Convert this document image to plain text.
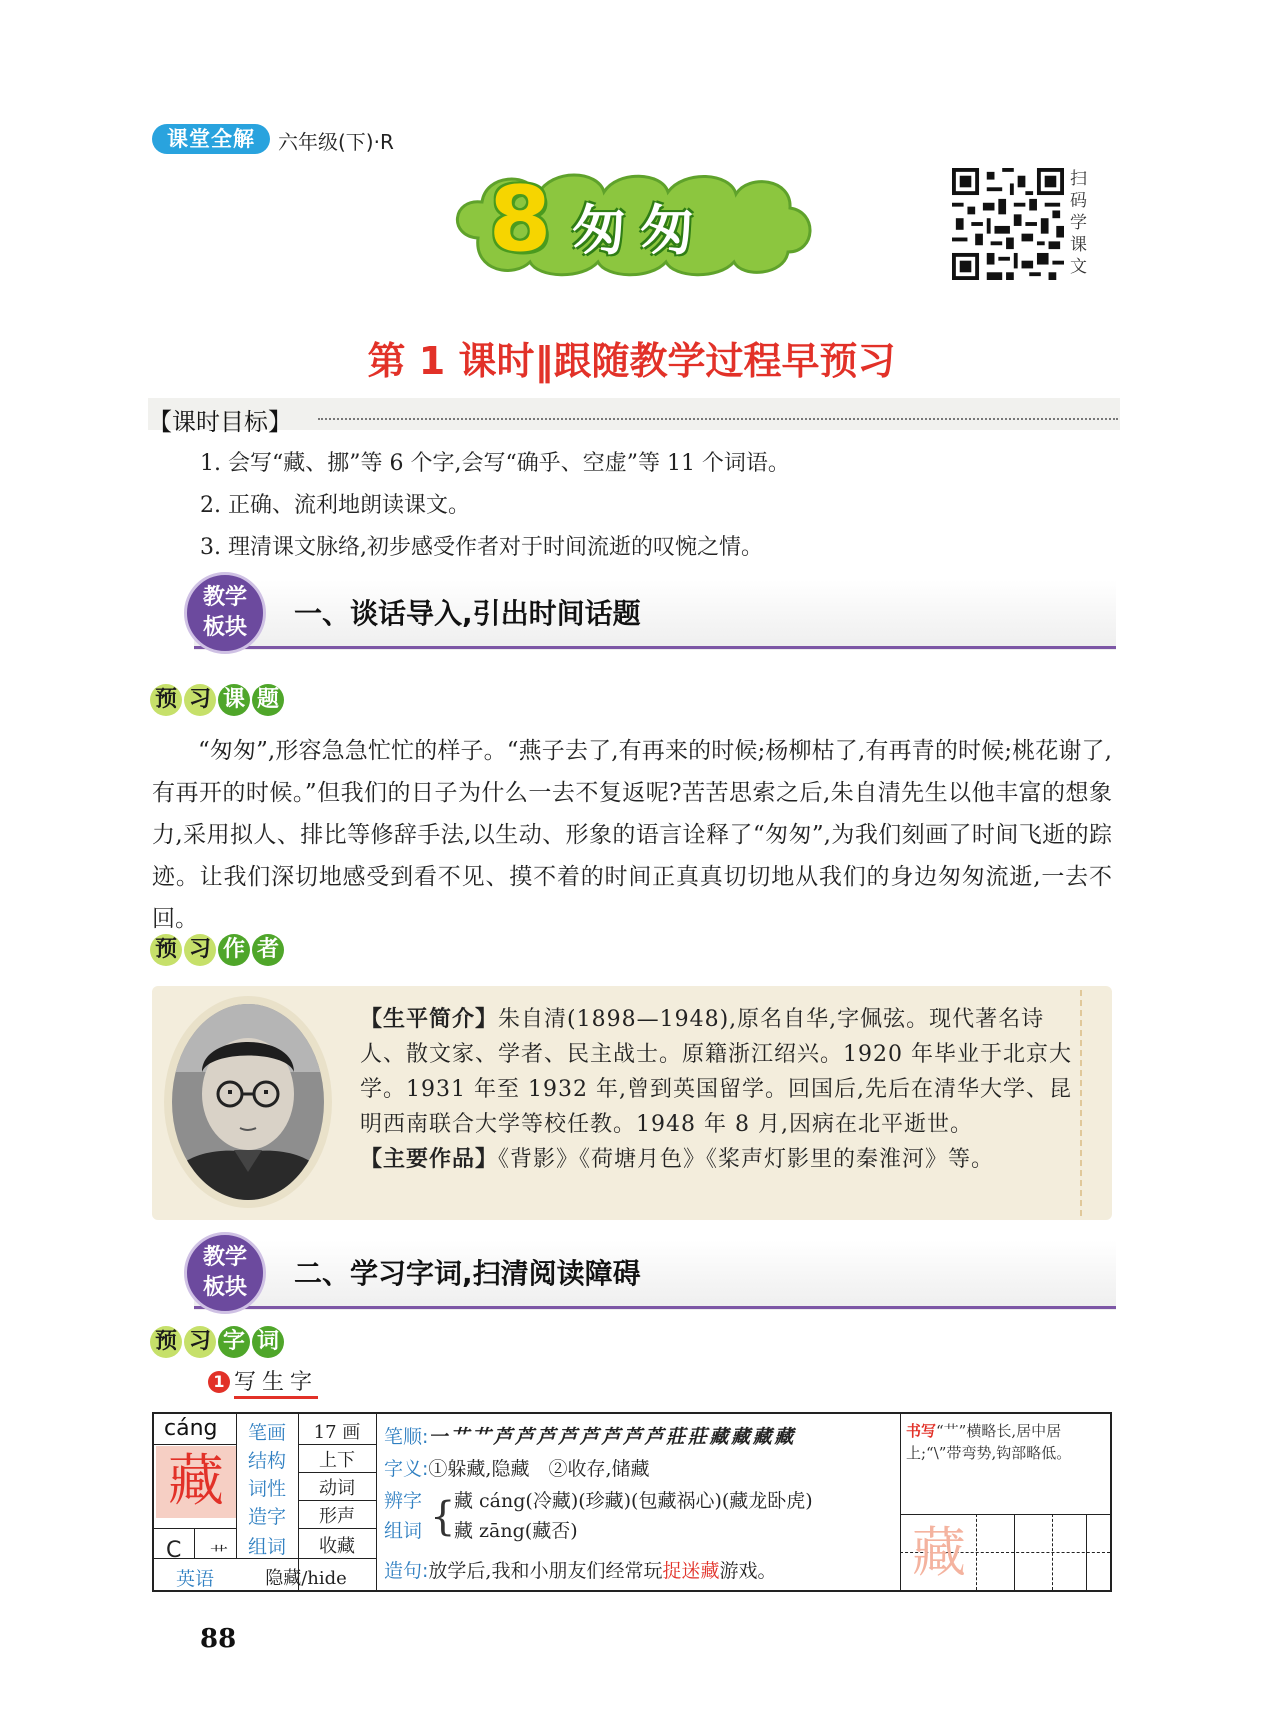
课堂全解	六年级(下)·R
8 匆匆
扫码学课文
第 1 课时‖跟随教学过程早预习
【课时目标】
1. 会写“藏、挪”等 6 个字,会写“确乎、空虚”等 11 个词语。
2. 正确、流利地朗读课文。
3. 理清课文脉络,初步感受作者对于时间流逝的叹惋之情。
教学
板块	一、谈话导入,引出时间话题
预 习 课 题
“匆匆”,形容急急忙忙的样子。“燕子去了,有再来的时候;杨柳枯了,有再青的时候;桃花谢了,有再开的时候。”但我们的日子为什么一去不复返呢?苦苦思索之后,朱自清先生以他丰富的想象力,采用拟人、排比等修辞手法,以生动、形象的语言诠释了“匆匆”,为我们刻画了时间飞逝的踪迹。让我们深切地感受到看不见、摸不着的时间正真真切切地从我们的身边匆匆流逝,一去不回。
预 习 作 者
【生平简介】朱自清(1898—1948),原名自华,字佩弦。现代著名诗人、散文家、学者、民主战士。原籍浙江绍兴。1920 年毕业于北京大学。1931 年至 1932 年,曾到英国留学。回国后,先后在清华大学、昆明西南联合大学等校任教。1948 年 8 月,因病在北平逝世。
【主要作品】《背影》《荷塘月色》《桨声灯影里的秦淮河》等。
教学
板块	二、学习字词,扫清阅读障碍
预 习 字 词
1 写生字
cáng
藏
C 艹
笔画	17 画
结构	上下
词性	动词
造字	形声
组词	收藏
英语	隐藏/hide
笔顺:一 艹 艹 芦 芦 芦 芦 芦 芦 芦 芦 莊 莊 藏 藏 藏 藏
字义:①躲藏,隐藏　②收存,储藏
辨字
组词 {
藏 cáng(冷藏)(珍藏)(包藏祸心)(藏龙卧虎)
藏 zāng(藏否)
造句:放学后,我和小朋友们经常玩捉迷藏游戏。
书写“艹”横略长,居中居上;“\”带弯势,钩部略低。
藏
88
